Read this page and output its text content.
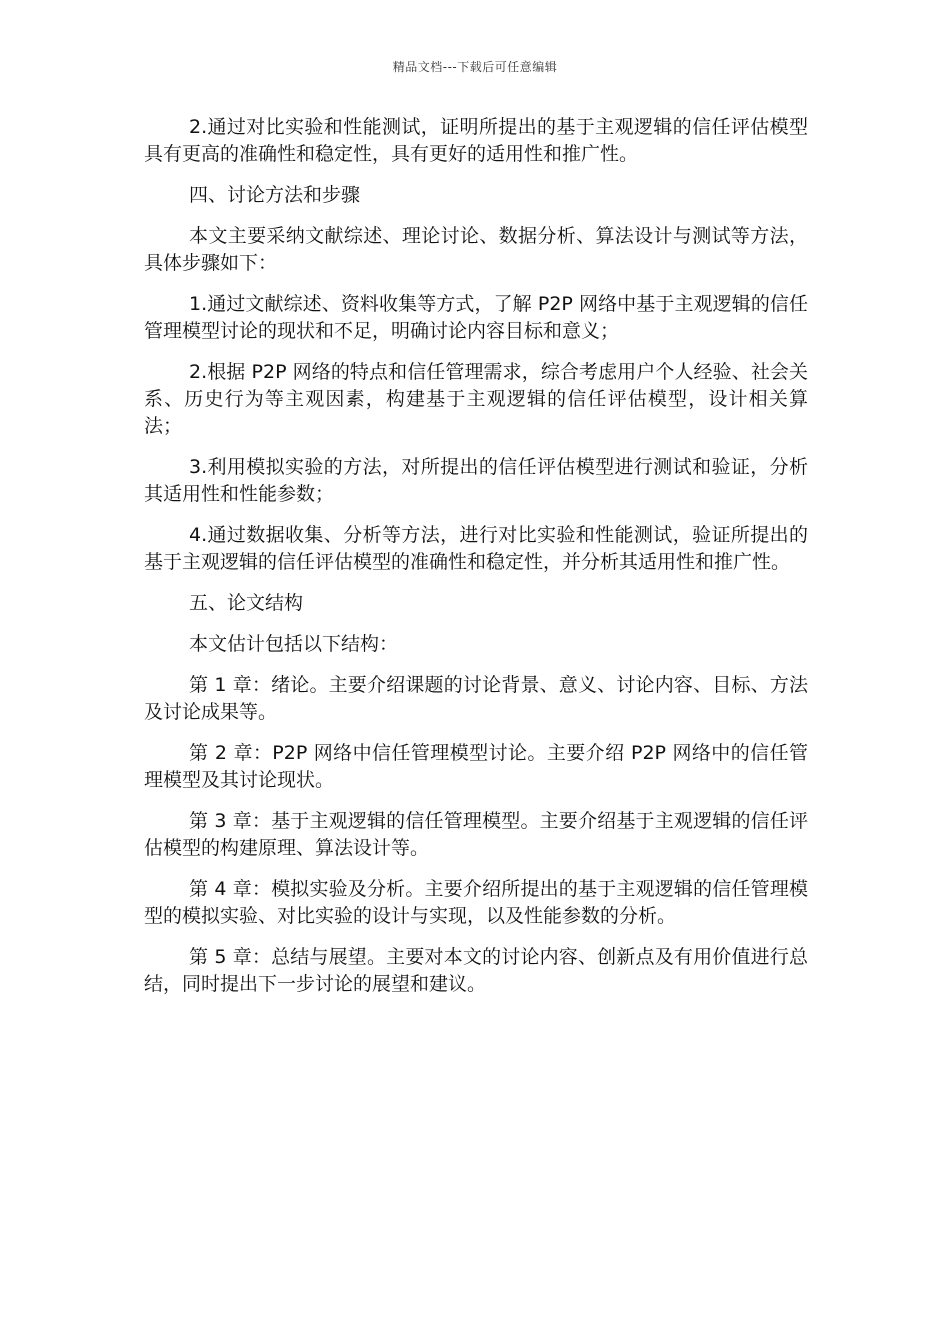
精品文档---下载后可任意编辑

2.通过对比实验和性能测试，证明所提出的基于主观逻辑的信任评估模型具有更高的准确性和稳定性，具有更好的适用性和推广性。

四、讨论方法和步骤

本文主要采纳文献综述、理论讨论、数据分析、算法设计与测试等方法，具体步骤如下：

1.通过文献综述、资料收集等方式，了解 P2P 网络中基于主观逻辑的信任管理模型讨论的现状和不足，明确讨论内容目标和意义；

2.根据 P2P 网络的特点和信任管理需求，综合考虑用户个人经验、社会关系、历史行为等主观因素，构建基于主观逻辑的信任评估模型，设计相关算法；

3.利用模拟实验的方法，对所提出的信任评估模型进行测试和验证，分析其适用性和性能参数；

4.通过数据收集、分析等方法，进行对比实验和性能测试，验证所提出的基于主观逻辑的信任评估模型的准确性和稳定性，并分析其适用性和推广性。

五、论文结构

本文估计包括以下结构：

第 1 章：绪论。主要介绍课题的讨论背景、意义、讨论内容、目标、方法及讨论成果等。

第 2 章：P2P 网络中信任管理模型讨论。主要介绍 P2P 网络中的信任管理模型及其讨论现状。

第 3 章：基于主观逻辑的信任管理模型。主要介绍基于主观逻辑的信任评估模型的构建原理、算法设计等。

第 4 章：模拟实验及分析。主要介绍所提出的基于主观逻辑的信任管理模型的模拟实验、对比实验的设计与实现，以及性能参数的分析。

第 5 章：总结与展望。主要对本文的讨论内容、创新点及有用价值进行总结，同时提出下一步讨论的展望和建议。
